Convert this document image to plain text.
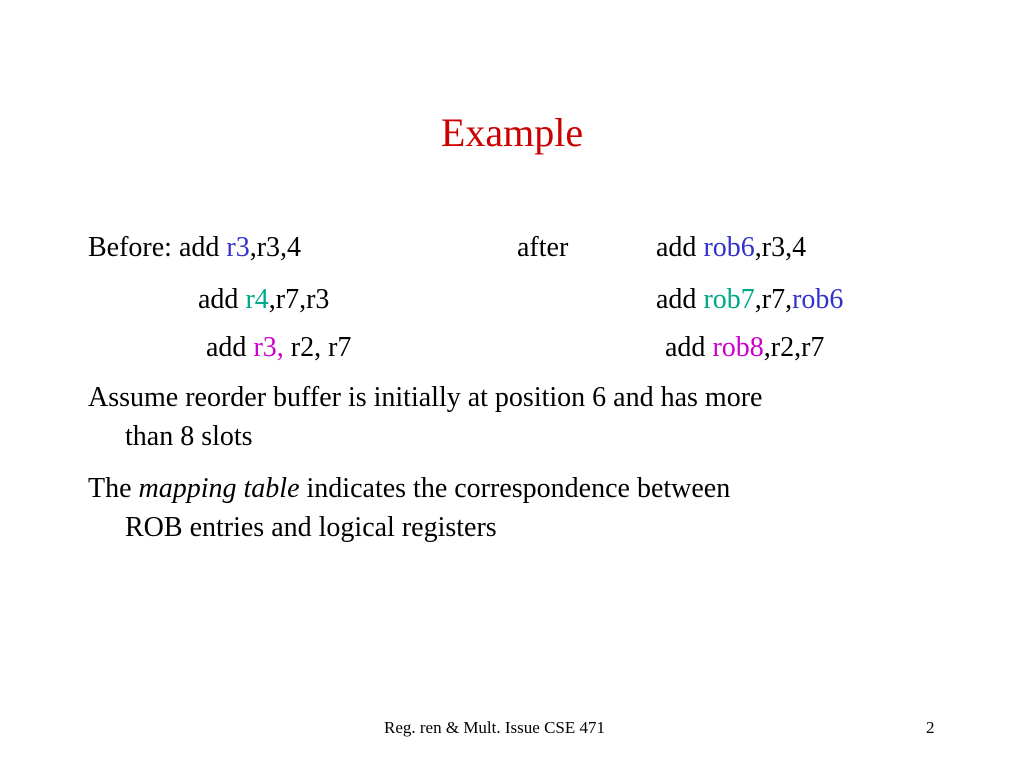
Example
Before: add r3,r3,4
add r4,r7,r3
add r3, r2, r7
after	add rob6,r3,4
add rob7,r7,rob6
add rob8,r2,r7
Assume reorder buffer is initially at position 6 and has more
than 8 slots
The mapping table indicates the correspondence between
ROB entries and logical registers
Reg. ren & Mult. Issue CSE 471	2
